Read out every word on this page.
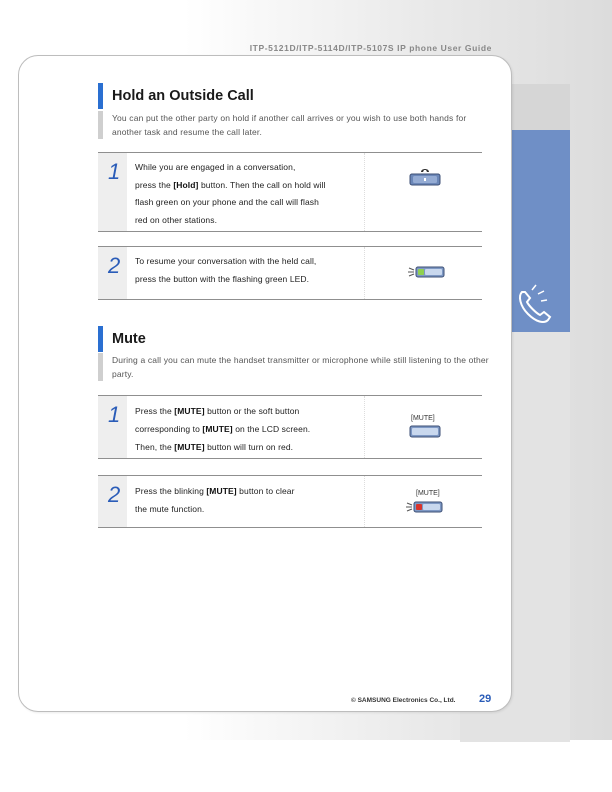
ITP-5121D/ITP-5114D/ITP-5107S IP phone User Guide
Hold an Outside Call
You can put the other party on hold if another call arrives or you wish to use both hands for another task and resume the call later.
1 While you are engaged in a conversation,
press the [Hold] button. Then the call on hold will
flash green on your phone and the call will flash
red on other stations.
2 To resume your conversation with the held call,
press the button with the flashing green LED.
Mute
During a call you can mute the handset transmitter or microphone while still listening to the other party.
1 Press the [MUTE] button or the soft button
corresponding to [MUTE] on the LCD screen.
Then, the [MUTE] button will turn on red.
[MUTE]
2 Press the blinking [MUTE] button to clear
the mute function.
[MUTE]
© SAMSUNG Electronics Co., Ltd. 29
